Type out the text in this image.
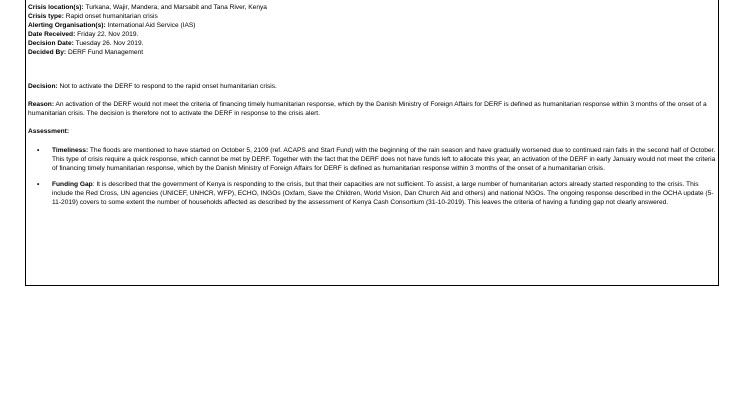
Crisis location(s): Turkana, Wajir, Mandera, and Marsabit and Tana River, Kenya
Crisis type: Rapid onset humanitarian crisis
Alerting Organisation(s): International Aid Service (IAS)
Date Received: Friday 22. Nov 2019.
Decision Date: Tuesday 26. Nov 2019.
Decided By: DERF Fund Management

Decision: Not to activate the DERF to respond to the rapid onset humanitarian crisis.

Reason: An activation of the DERF would not meet the criteria of financing timely humanitarian response, which by the Danish Ministry of Foreign Affairs for DERF is defined as humanitarian response within 3 months of the onset of a humanitarian crisis. The decision is therefore not to activate the DERF in response to the crisis alert.

Assessment:

• Timeliness: The floods are mentioned to have started on October 5, 2109 (ref. ACAPS and Start Fund) with the beginning of the rain season and have gradually worsened due to continued rain falls in the second half of October. This type of crisis require a quick response, which cannot be met by DERF. Together with the fact that the DERF does not have funds left to allocate this year, an activation of the DERF in early January would not meet the criteria of financing timely humanitarian response, which by the Danish Ministry of Foreign Affairs for DERF is defined as humanitarian response within 3 months of the onset of a humanitarian crisis.
• Funding Gap: It is described that the government of Kenya is responding to the crisis, but that their capacities are not sufficient. To assist, a large number of humanitarian actors already started responding to the crisis. This include the Red Cross, UN agencies (UNICEF, UNHCR, WFP), ECHO, INGOs (Oxfam, Save the Children, World Vision, Dan Church Aid and others) and national NGOs. The ongoing response described in the OCHA update (5-11-2019) covers to some extent the number of households affected as described by the assessment of Kenya Cash Consortium (31-10-2019). This leaves the criteria of having a funding gap not clearly answered.
